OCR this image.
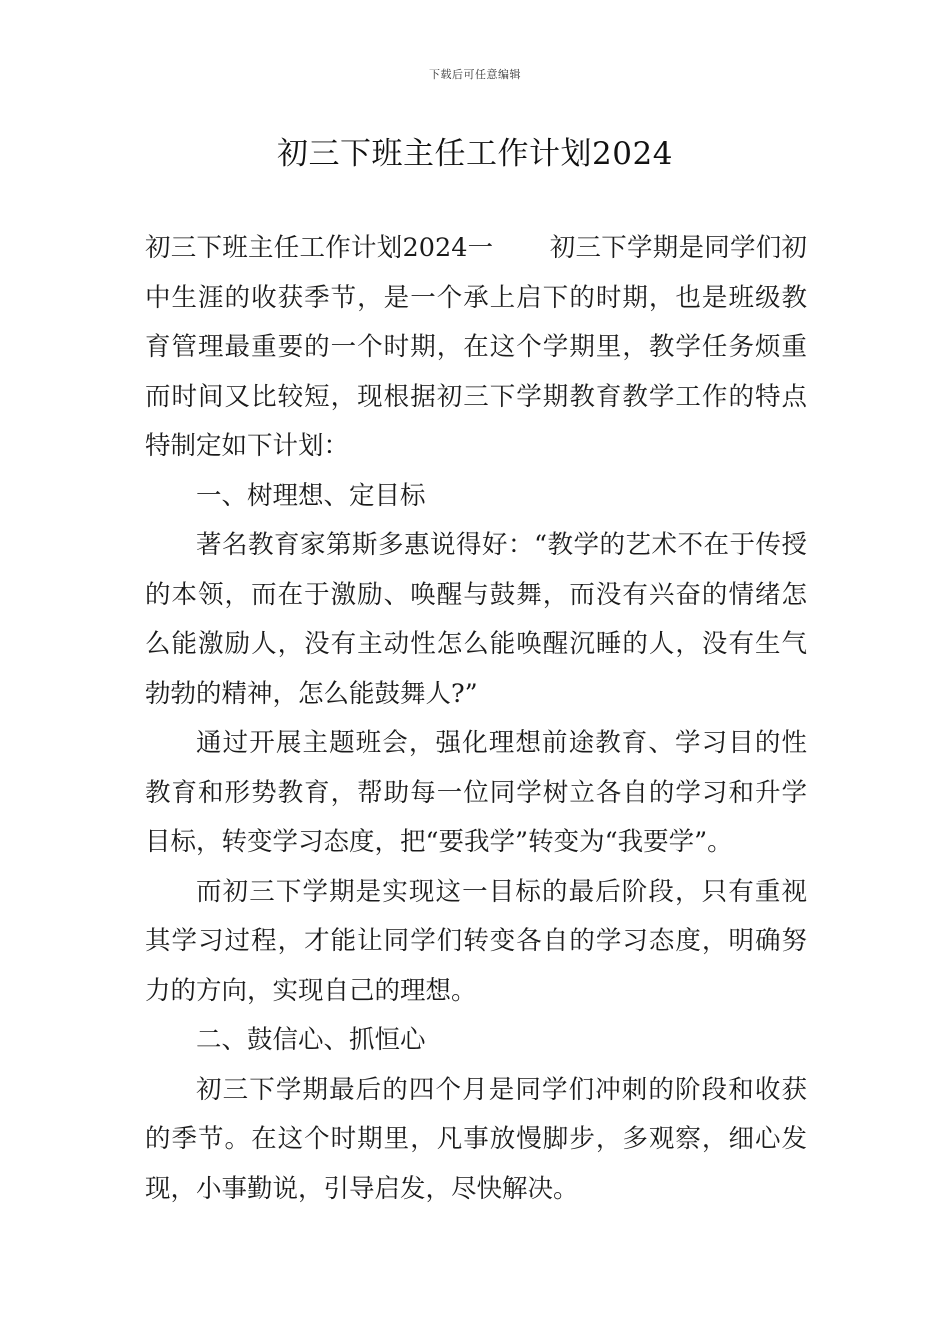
下载后可任意编辑
初三下班主任工作计划2024

初三下班主任工作计划2024一 初三下学期是同学们初中生涯的收获季节，是一个承上启下的时期，也是班级教育管理最重要的一个时期，在这个学期里，教学任务烦重而时间又比较短，现根据初三下学期教育教学工作的特点特制定如下计划：

一、树理想、定目标

著名教育家第斯多惠说得好：“教学的艺术不在于传授的本领，而在于激励、唤醒与鼓舞，而没有兴奋的情绪怎么能激励人，没有主动性怎么能唤醒沉睡的人，没有生气勃勃的精神，怎么能鼓舞人?”

通过开展主题班会，强化理想前途教育、学习目的性教育和形势教育，帮助每一位同学树立各自的学习和升学目标，转变学习态度，把“要我学”转变为“我要学”。

而初三下学期是实现这一目标的最后阶段，只有重视其学习过程，才能让同学们转变各自的学习态度，明确努力的方向，实现自己的理想。

二、鼓信心、抓恒心

初三下学期最后的四个月是同学们冲刺的阶段和收获的季节。在这个时期里，凡事放慢脚步，多观察，细心发现，小事勤说，引导启发，尽快解决。
